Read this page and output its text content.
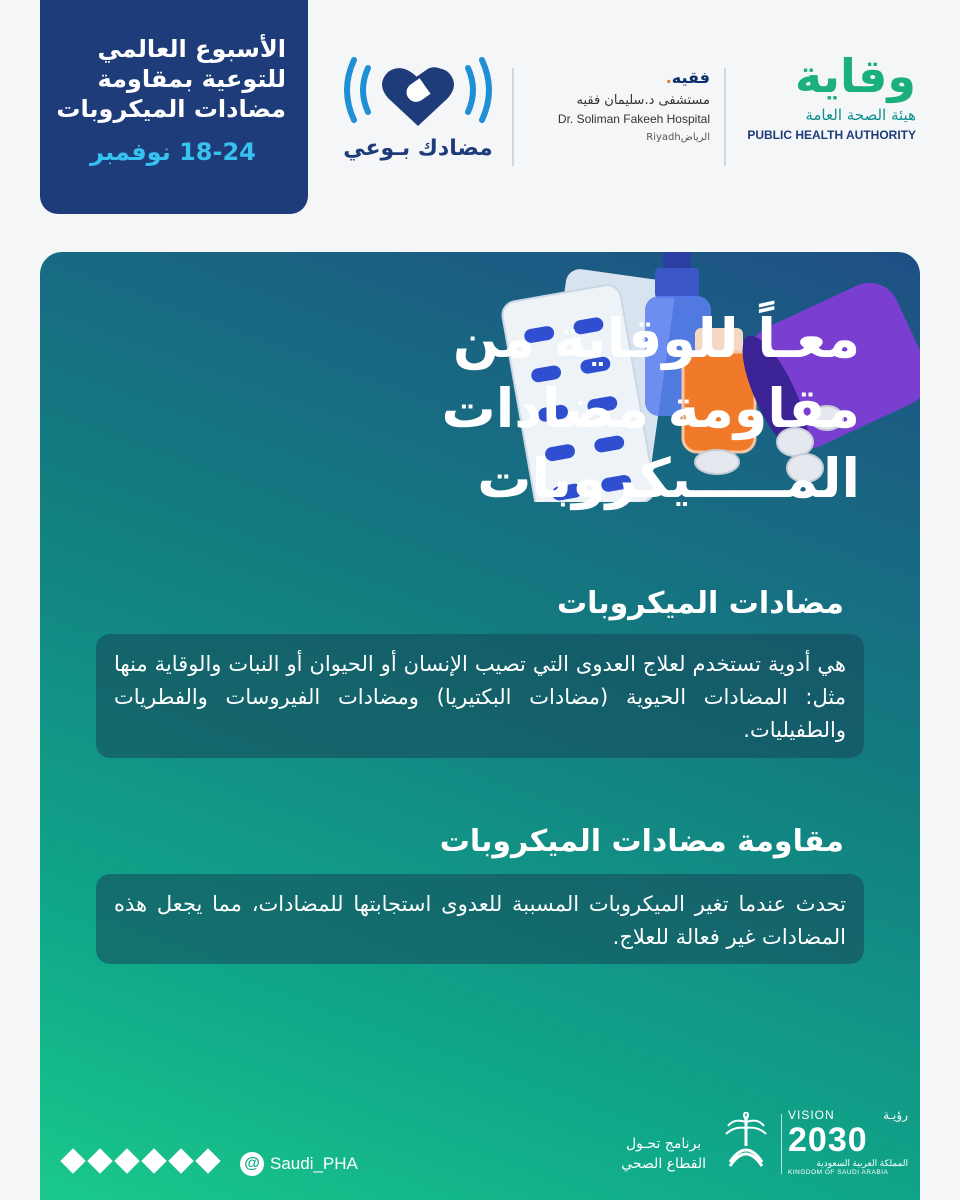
الأسبوع العالمي
للتوعية بمقاومة
مضادات الميكروبات
18-24 نوفمبر	مضادك بـوعي
فقيه.
مستشفى د.سليمان فقيه
Dr. Soliman Fakeeh Hospital
Riyadhالرياض
وقاية
هيئة الصحة العامة
PUBLIC HEALTH AUTHORITY
معـاً للوقاية من
مقاومة مضادات
المـــــيكروبات
مضادات الميكروبات
هي أدوية تستخدم لعلاج العدوى التي تصيب الإنسان أو الحيوان أو النبات والوقاية منها مثل: المضادات الحيوية (مضادات البكتيريا) ومضادات الفيروسات والفطريات والطفيليات.
مقاومة مضادات الميكروبات
تحدث عندما تغير الميكروبات المسببة للعدوى استجابتها للمضادات، مما يجعل هذه المضادات غير فعالة للعلاج.
@ Saudi_PHA
برنامج تحـول
القطاع الصحي
VISION	رؤيـة
2030
المملكة العربية السعودية
KINGDOM OF SAUDI ARABIA
